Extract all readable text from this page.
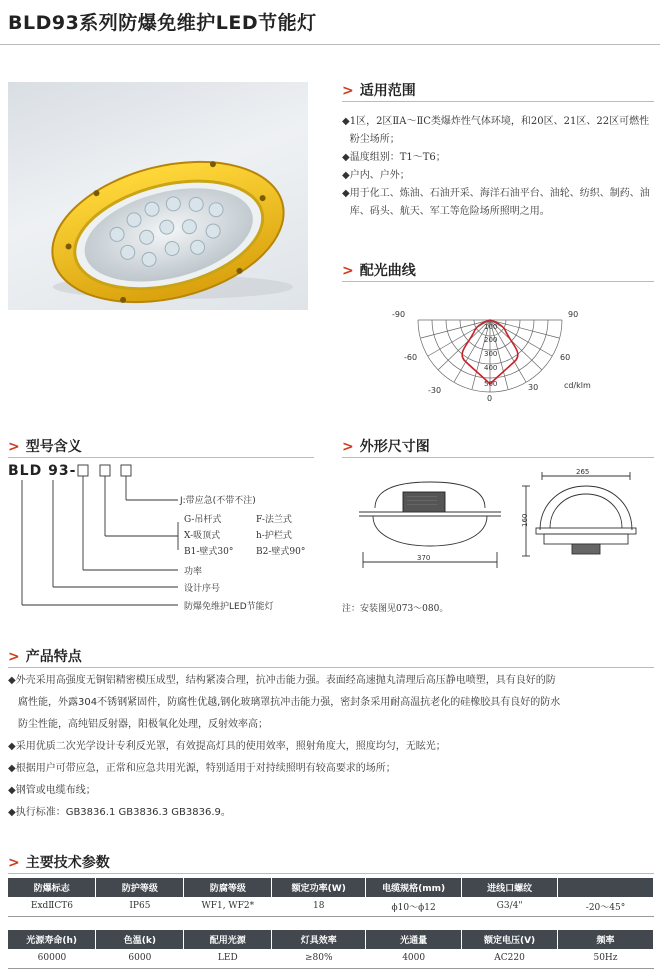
BLD93系列防爆免维护LED节能灯
> 适用范围
◆ 1区，2区ⅡA～ⅡC类爆炸性气体环境，和20区、21区、22区可燃性粉尘场所；
◆ 温度组别：T1～T6；
◆ 户内、户外；
◆ 用于化工、炼油、石油开采、海洋石油平台、油轮、纺织、制药、油库、码头、航天、军工等危险场所照明之用。
> 配光曲线
-90	90
-60	60
-30	30
0
100
200
300
400
500	cd/klm
> 型号含义
BLD 93-
J:带应急(不带不注)
G-吊杆式	F-法兰式
X-吸顶式	h-护栏式
B1-壁式30°	B2-壁式90°
功率
设计序号
防爆免维护LED节能灯
> 外形尺寸图
370
265
160
注：安装图见073～080。
> 产品特点
◆外壳采用高强度无铜铝精密模压成型，结构紧凑合理，抗冲击能力强。表面经高速抛丸清理后高压静电喷塑，具有良好的防
腐性能，外露304不锈钢紧固件，防腐性优越,钢化玻璃罩抗冲击能力强，密封条采用耐高温抗老化的硅橡胶具有良好的防水
防尘性能，高纯铝反射器，阳极氧化处理，反射效率高；
◆采用优质二次光学设计专利反光罩，有效提高灯具的使用效率，照射角度大，照度均匀，无眩光；
◆根据用户可带应急，正常和应急共用光源，特别适用于对持续照明有较高要求的场所；
◆钢管或电缆布线；
◆执行标准：GB3836.1 GB3836.3 GB3836.9。
> 主要技术参数
防爆标志	防护等级	防腐等级	额定功率(W)	电缆规格(mm)	进线口螺纹	
ExdⅡCT6	IP65	WF1, WF2*	18	ϕ10～ϕ12	G3/4"	-20～45°
光源寿命(h)	色温(k)	配用光源	灯具效率	光通量	额定电压(V)	频率
60000	6000	LED	≥80%	4000	AC220	50Hz
